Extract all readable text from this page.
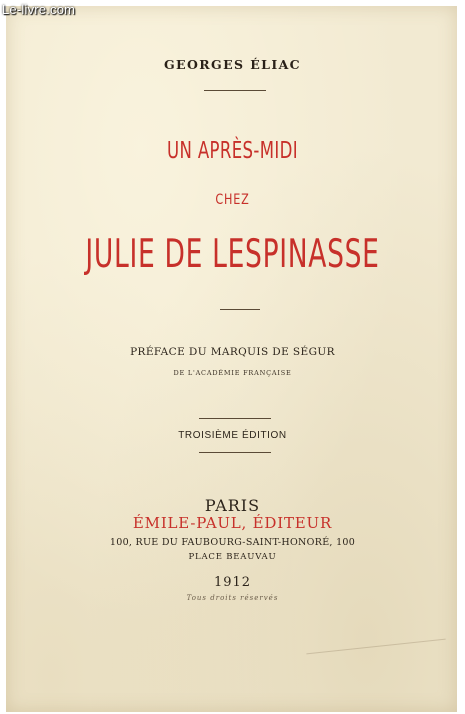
Le-livre.com
GEORGES ÉLIAC
UN APRÈS-MIDI
CHEZ
JULIE DE LESPINASSE
PRÉFACE DU MARQUIS DE SÉGUR
DE L'ACADÉMIE FRANÇAISE
TROISIÈME ÉDITION
PARIS
ÉMILE-PAUL, ÉDITEUR
100, RUE DU FAUBOURG-SAINT-HONORÉ, 100
PLACE BEAUVAU
1912
Tous droits réservés
